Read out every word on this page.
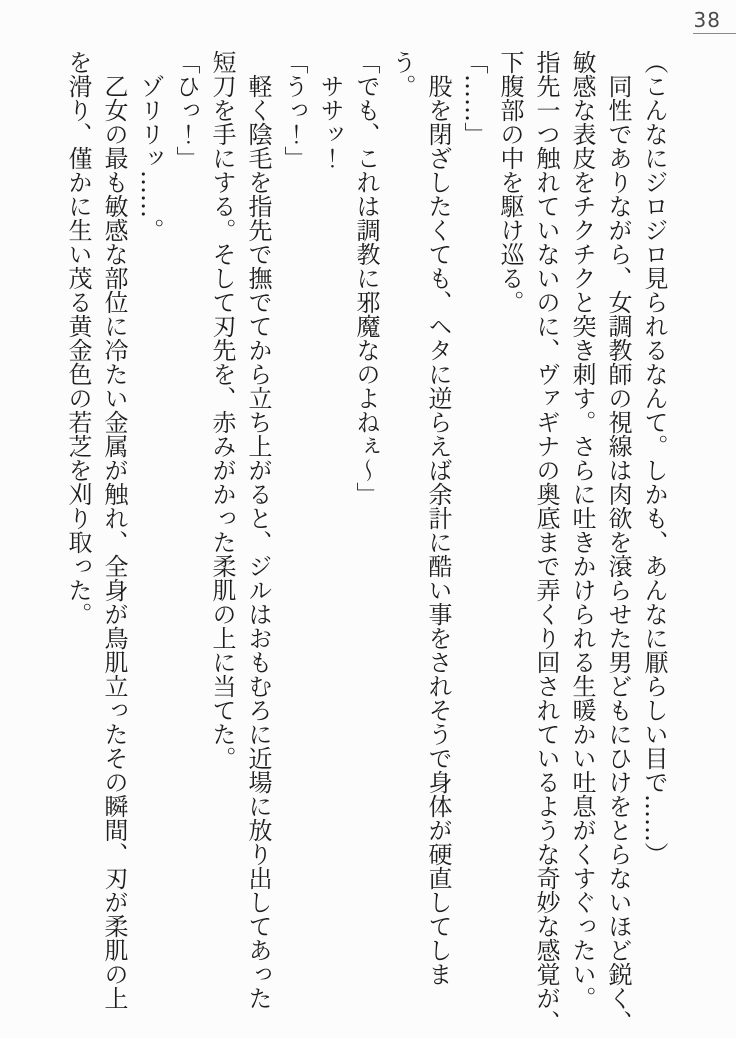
38
（こんなにジロジロ見られるなんて。しかも、あんなに厭らしい目で……）
同性でありながら、女調教師の視線は肉欲を滾らせた男どもにひけをとらないほど鋭く、
敏感な表皮をチクチクと突き刺す。さらに吐きかけられる生暖かい吐息がくすぐったい。
指先一つ触れていないのに、ヴァギナの奥底まで弄くり回されているような奇妙な感覚が、
下腹部の中を駆け巡る。
「……」
股を閉ざしたくても、ヘタに逆らえば余計に酷い事をされそうで身体が硬直してしま
う。
「でも、これは調教に邪魔なのよねぇ〜」
ササッ！
「うっ！」
軽く陰毛を指先で撫でてから立ち上がると、ジルはおもむろに近場に放り出してあった
短刀を手にする。そして刃先を、赤みがかった柔肌の上に当てた。
「ひっ！」
ゾリリッ……。
乙女の最も敏感な部位に冷たい金属が触れ、全身が鳥肌立ったその瞬間、刃が柔肌の上
を滑り、僅かに生い茂る黄金色の若芝を刈り取った。
